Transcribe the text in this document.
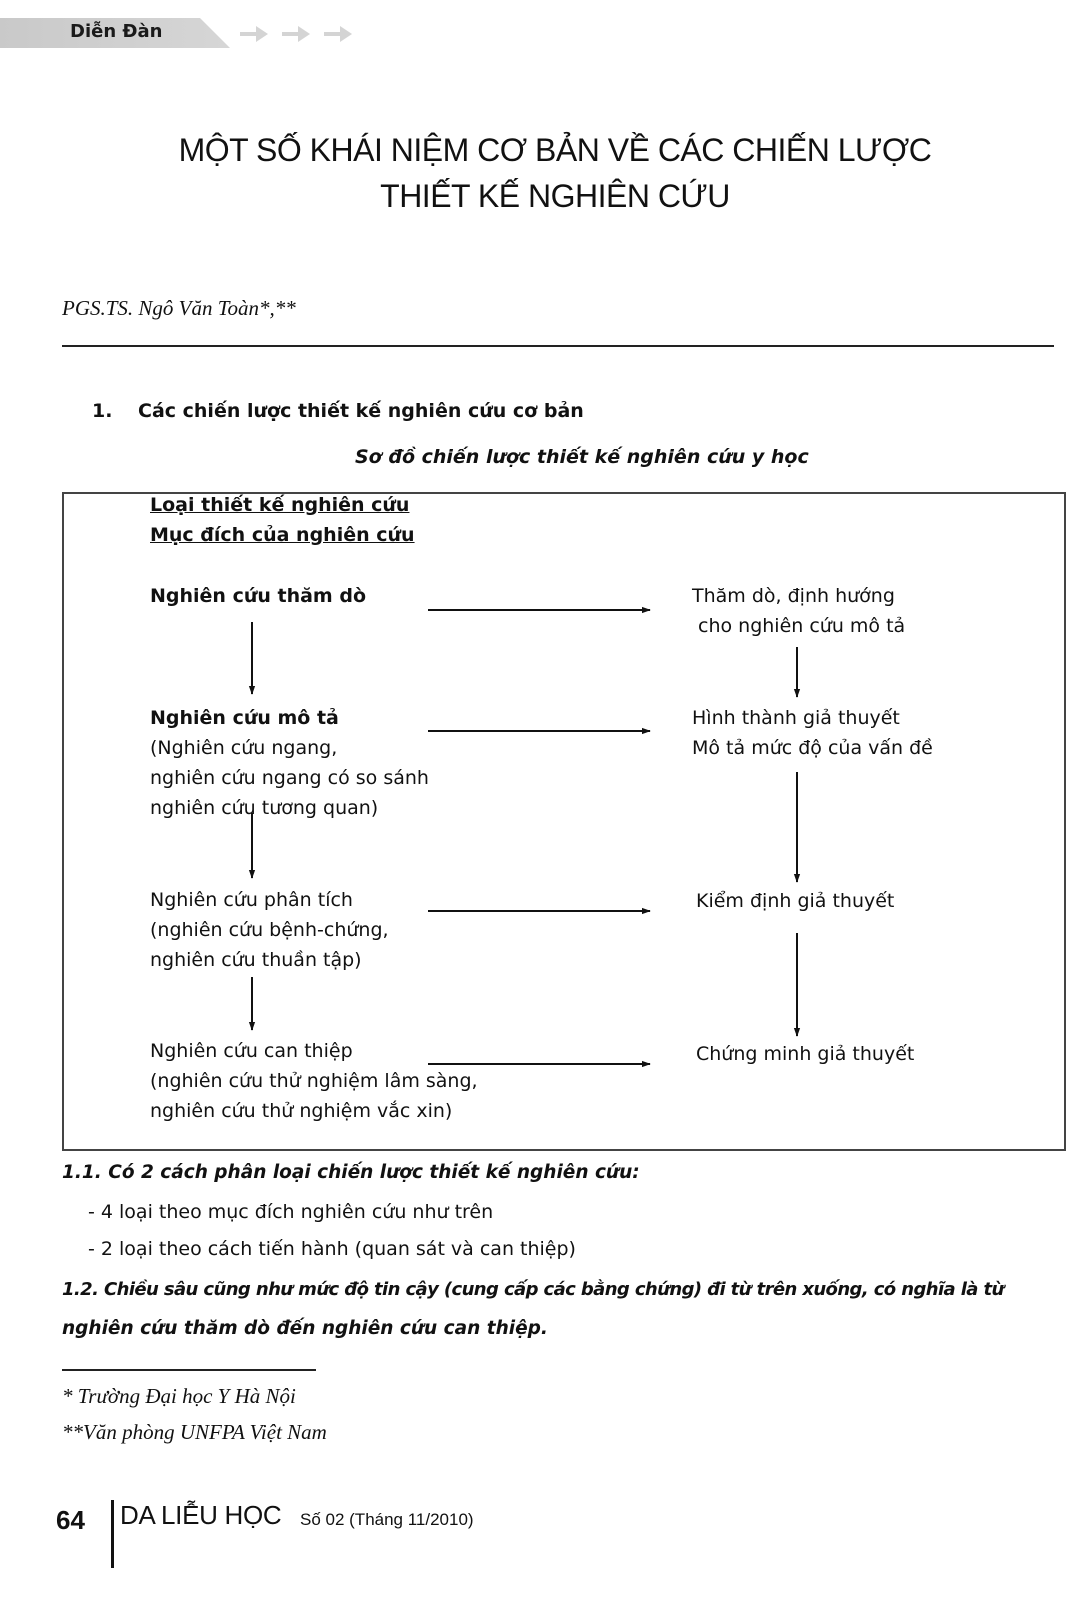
Diễn Đàn
MỘT SỐ KHÁI NIỆM CƠ BẢN VỀ CÁC CHIẾN LƯỢC
THIẾT KẾ NGHIÊN CỨU
PGS.TS. Ngô Văn Toàn*,**
1. Các chiến lược thiết kế nghiên cứu cơ bản
Sơ đồ chiến lược thiết kế nghiên cứu y học
Loại thiết kế nghiên cứu
Mục đích của nghiên cứu
Nghiên cứu thăm dò
Nghiên cứu mô tả
(Nghiên cứu ngang,
nghiên cứu ngang có so sánh
nghiên cứu tương quan)
Nghiên cứu phân tích
(nghiên cứu bệnh-chứng,
nghiên cứu thuần tập)
Nghiên cứu can thiệp
(nghiên cứu thử nghiệm lâm sàng,
nghiên cứu thử nghiệm vắc xin)
Thăm dò, định hướng
cho nghiên cứu mô tả
Hình thành giả thuyết
Mô tả mức độ của vấn đề
Kiểm định giả thuyết
Chứng minh giả thuyết
1.1. Có 2 cách phân loại chiến lược thiết kế nghiên cứu:
- 4 loại theo mục đích nghiên cứu như trên
- 2 loại theo cách tiến hành (quan sát và can thiệp)
1.2. Chiều sâu cũng như mức độ tin cậy (cung cấp các bằng chứng) đi từ trên xuống, có nghĩa là từ
nghiên cứu thăm dò đến nghiên cứu can thiệp.
* Trường Đại học Y Hà Nội
**Văn phòng UNFPA Việt Nam
64 DA LIỄU HỌC Số 02 (Tháng 11/2010)
